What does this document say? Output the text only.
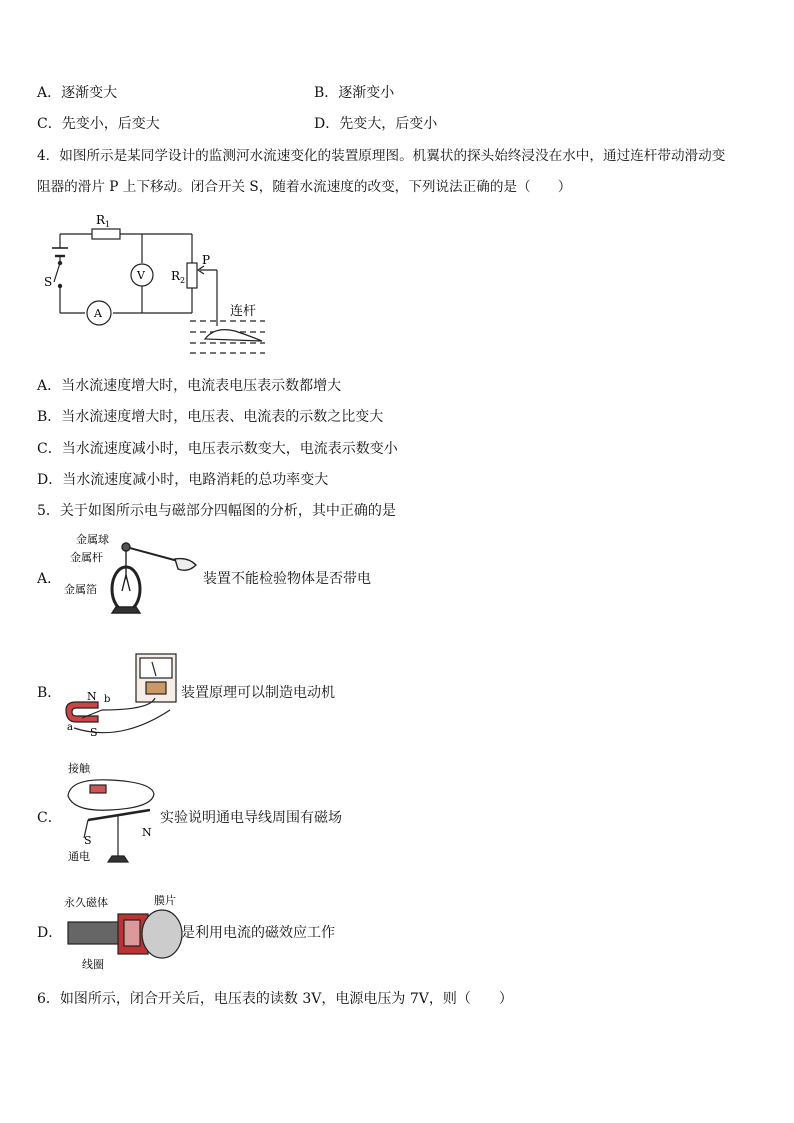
A．逐渐变大	B．逐渐变小
C．先变小，后变大	D．先变大，后变小
4．如图所示是某同学设计的监测河水流速变化的装置原理图。机翼状的探头始终浸没在水中，通过连杆带动滑动变
阻器的滑片 P 上下移动。闭合开关 S，随着水流速度的改变，下列说法正确的是（　　）
$R_1$
$R_2$
P
S	V
A	连杆
A．当水流速度增大时，电流表电压表示数都增大
B．当水流速度增大时，电压表、电流表的示数之比变大
C．当水流速度减小时，电压表示数变大，电流表示数变小
D．当水流速度减小时，电路消耗的总功率变大
5．关于如图所示电与磁部分四幅图的分析，其中正确的是
A．
金属球
金属杆
金属箔
装置不能检验物体是否带电
B． N b
a S
装置原理可以制造电动机
C．
接触
S
N
通电
实验说明通电导线周围有磁场
D．
永久磁体	膜片
线圈
是利用电流的磁效应工作
6．如图所示，闭合开关后，电压表的读数 3V，电源电压为 7V，则（　　）
